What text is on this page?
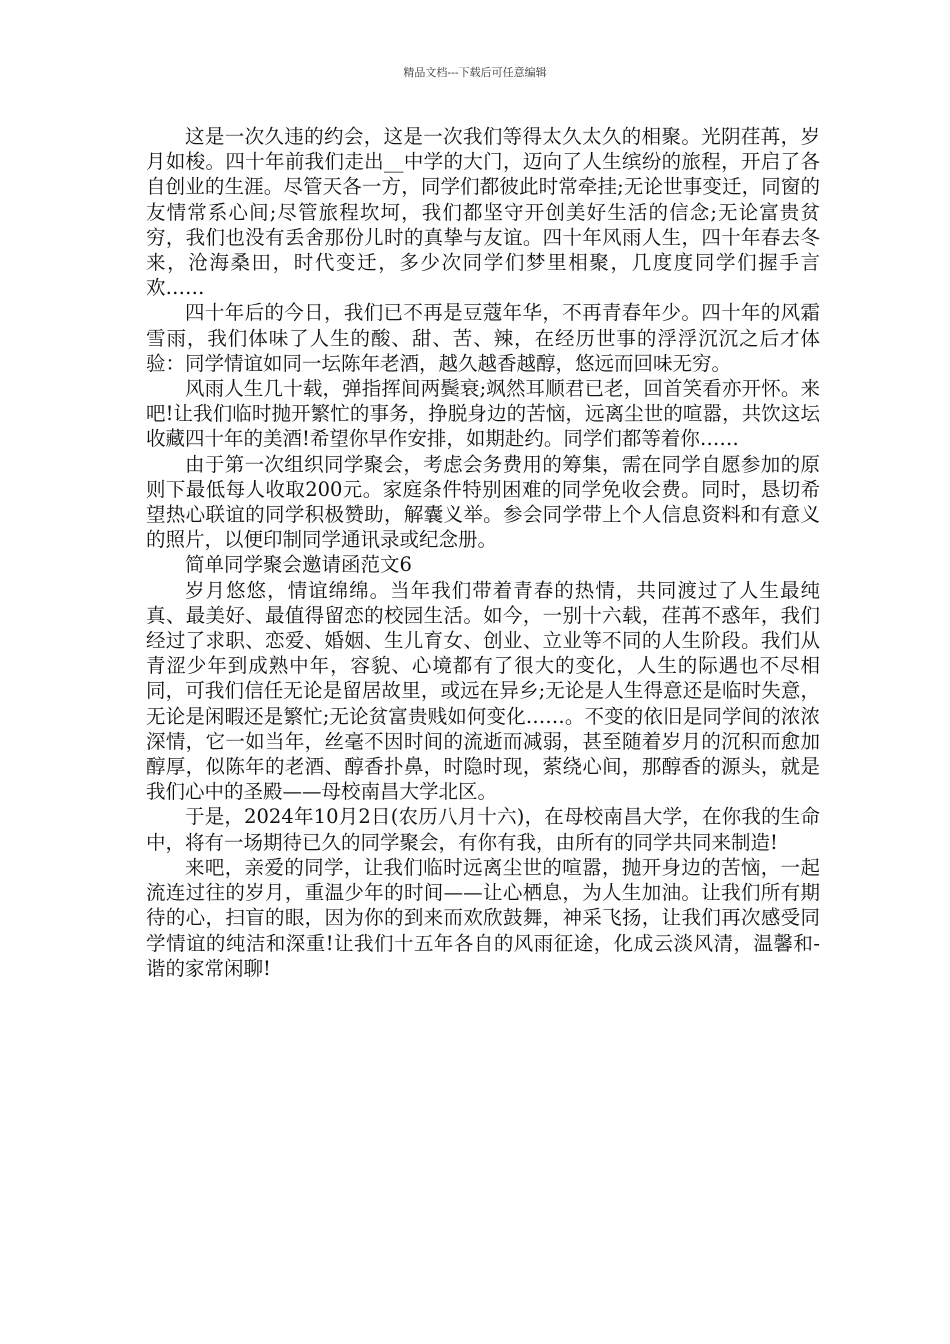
精品文档---下载后可任意编辑

这是一次久违的约会，这是一次我们等得太久太久的相聚。光阴荏苒，岁月如梭。四十年前我们走出__中学的大门，迈向了人生缤纷的旅程，开启了各自创业的生涯。尽管天各一方，同学们都彼此时常牵挂;无论世事变迁，同窗的友情常系心间;尽管旅程坎坷，我们都坚守开创美好生活的信念;无论富贵贫穷，我们也没有丢舍那份儿时的真挚与友谊。四十年风雨人生，四十年春去冬来，沧海桑田，时代变迁，多少次同学们梦里相聚，几度度同学们握手言欢……

四十年后的今日，我们已不再是豆蔻年华，不再青春年少。四十年的风霜雪雨，我们体味了人生的酸、甜、苦、辣，在经历世事的浮浮沉沉之后才体验：同学情谊如同一坛陈年老酒，越久越香越醇，悠远而回味无穷。

风雨人生几十载，弹指挥间两鬓衰;飒然耳顺君已老，回首笑看亦开怀。来吧!让我们临时抛开繁忙的事务，挣脱身边的苦恼，远离尘世的喧嚣，共饮这坛收藏四十年的美酒!希望你早作安排，如期赴约。同学们都等着你……

由于第一次组织同学聚会，考虑会务费用的筹集，需在同学自愿参加的原则下最低每人收取200元。家庭条件特别困难的同学免收会费。同时，恳切希望热心联谊的同学积极赞助，解囊义举。参会同学带上个人信息资料和有意义的照片，以便印制同学通讯录或纪念册。

简单同学聚会邀请函范文6

岁月悠悠，情谊绵绵。当年我们带着青春的热情，共同渡过了人生最纯真、最美好、最值得留恋的校园生活。如今，一别十六载，荏苒不惑年，我们经过了求职、恋爱、婚姻、生儿育女、创业、立业等不同的人生阶段。我们从青涩少年到成熟中年，容貌、心境都有了很大的变化，人生的际遇也不尽相同，可我们信任无论是留居故里，或远在异乡;无论是人生得意还是临时失意，无论是闲暇还是繁忙;无论贫富贵贱如何变化……。不变的依旧是同学间的浓浓深情，它一如当年，丝毫不因时间的流逝而减弱，甚至随着岁月的沉积而愈加醇厚，似陈年的老酒、醇香扑鼻，时隐时现，萦绕心间，那醇香的源头，就是我们心中的圣殿——母校南昌大学北区。

于是，2024年10月2日(农历八月十六)，在母校南昌大学，在你我的生命中，将有一场期待已久的同学聚会，有你有我，由所有的同学共同来制造!

来吧，亲爱的同学，让我们临时远离尘世的喧嚣，抛开身边的苦恼，一起流连过往的岁月，重温少年的时间——让心栖息，为人生加油。让我们所有期待的心，扫盲的眼，因为你的到来而欢欣鼓舞，神采飞扬，让我们再次感受同学情谊的纯洁和深重!让我们十五年各自的风雨征途，化成云淡风清，温馨和-谐的家常闲聊!
